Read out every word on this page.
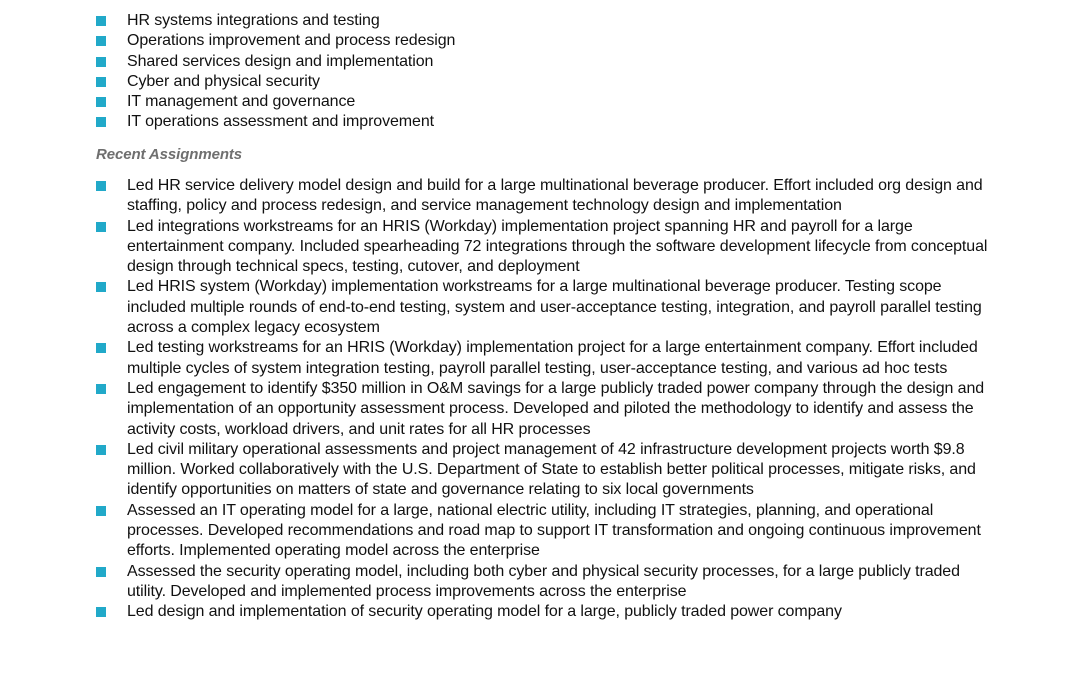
HR systems integrations and testing
Operations improvement and process redesign
Shared services design and implementation
Cyber and physical security
IT management and governance
IT operations assessment and improvement
Recent Assignments
Led HR service delivery model design and build for a large multinational beverage producer. Effort included org design and staffing, policy and process redesign, and service management technology design and implementation
Led integrations workstreams for an HRIS (Workday) implementation project spanning HR and payroll for a large entertainment company. Included spearheading 72 integrations through the software development lifecycle from conceptual design through technical specs, testing, cutover, and deployment
Led HRIS system (Workday) implementation workstreams for a large multinational beverage producer. Testing scope included multiple rounds of end-to-end testing, system and user-acceptance testing, integration, and payroll parallel testing across a complex legacy ecosystem
Led testing workstreams for an HRIS (Workday) implementation project for a large entertainment company. Effort included multiple cycles of system integration testing, payroll parallel testing, user-acceptance testing, and various ad hoc tests
Led engagement to identify $350 million in O&M savings for a large publicly traded power company through the design and implementation of an opportunity assessment process. Developed and piloted the methodology to identify and assess the activity costs, workload drivers, and unit rates for all HR processes
Led civil military operational assessments and project management of 42 infrastructure development projects worth $9.8 million. Worked collaboratively with the U.S. Department of State to establish better political processes, mitigate risks, and identify opportunities on matters of state and governance relating to six local governments
Assessed an IT operating model for a large, national electric utility, including IT strategies, planning, and operational processes. Developed recommendations and road map to support IT transformation and ongoing continuous improvement efforts. Implemented operating model across the enterprise
Assessed the security operating model, including both cyber and physical security processes, for a large publicly traded utility. Developed and implemented process improvements across the enterprise
Led design and implementation of security operating model for a large, publicly traded power company
